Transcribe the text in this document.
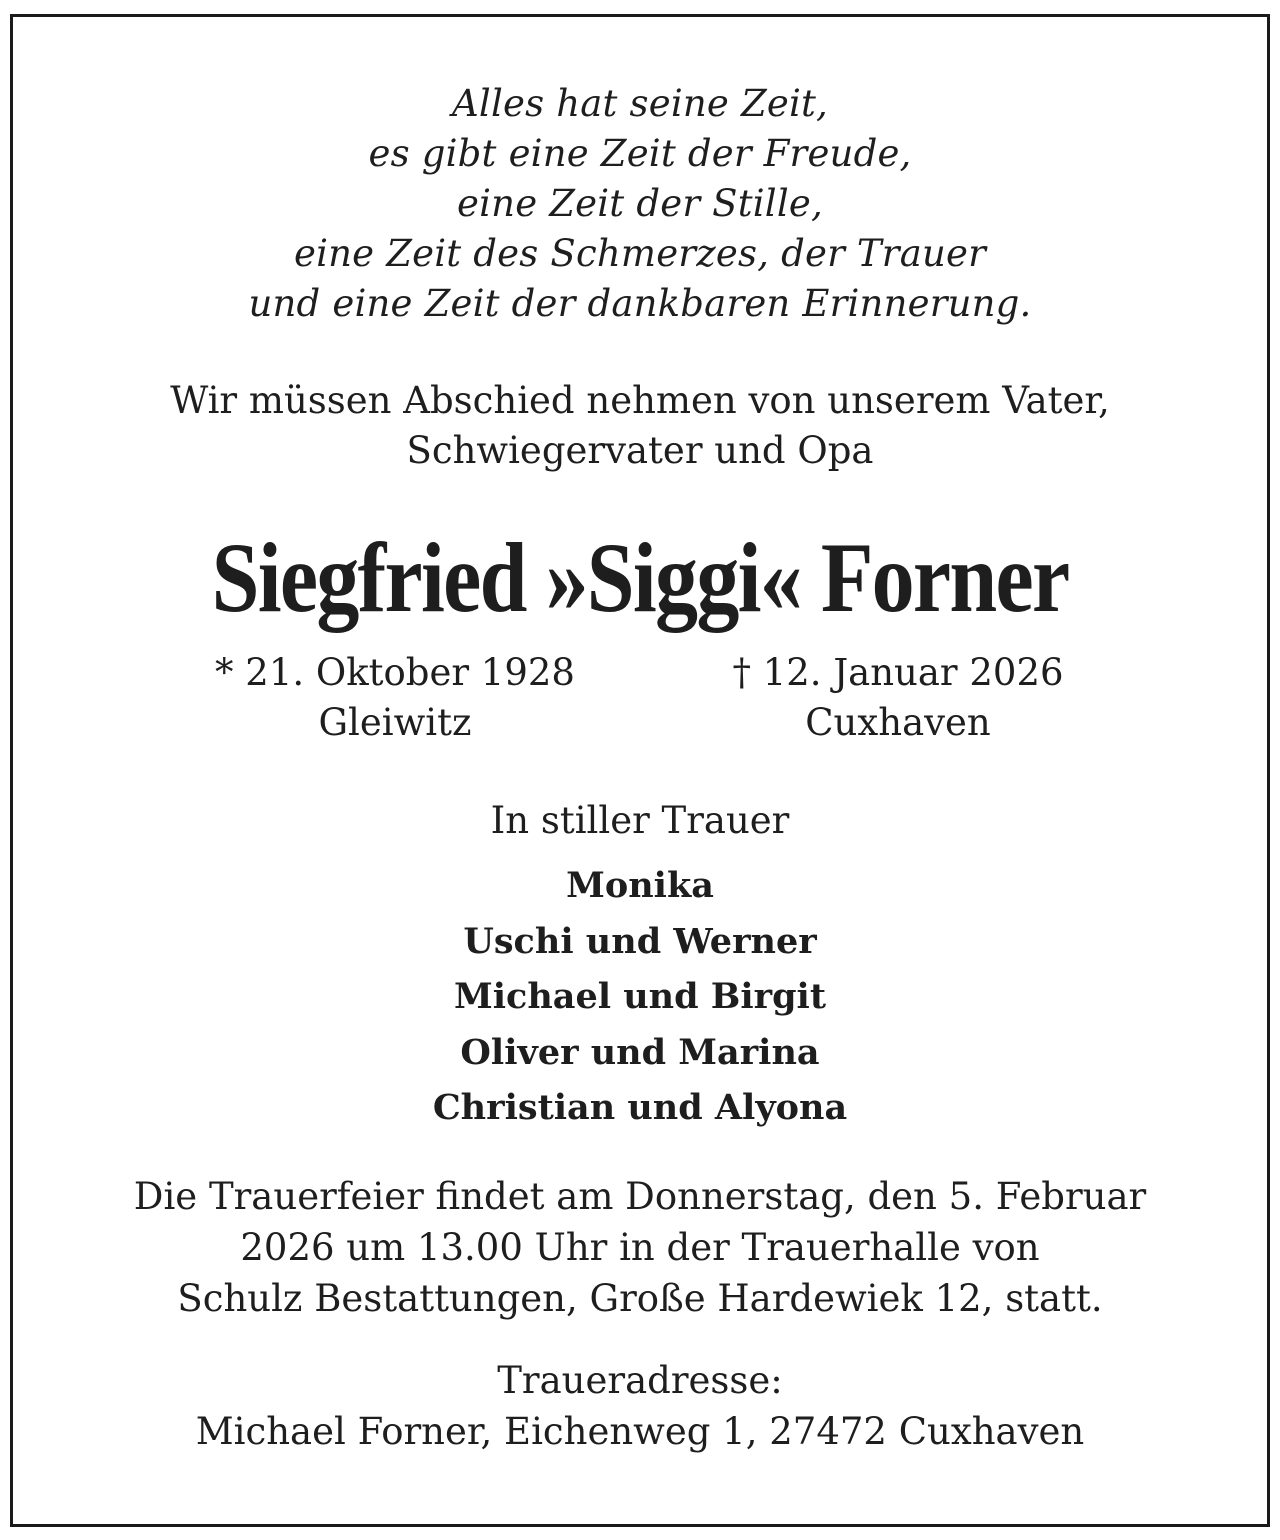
Alles hat seine Zeit,
es gibt eine Zeit der Freude,
eine Zeit der Stille,
eine Zeit des Schmerzes, der Trauer
und eine Zeit der dankbaren Erinnerung.
Wir müssen Abschied nehmen von unserem Vater,
Schwiegervater und Opa
Siegfried »Siggi« Forner
* 21. Oktober 1928
Gleiwitz
† 12. Januar 2026
Cuxhaven
In stiller Trauer
Monika
Uschi und Werner
Michael und Birgit
Oliver und Marina
Christian und Alyona
Die Trauerfeier findet am Donnerstag, den 5. Februar
2026 um 13.00 Uhr in der Trauerhalle von
Schulz Bestattungen, Große Hardewiek 12, statt.
Traueradresse:
Michael Forner, Eichenweg 1, 27472 Cuxhaven
